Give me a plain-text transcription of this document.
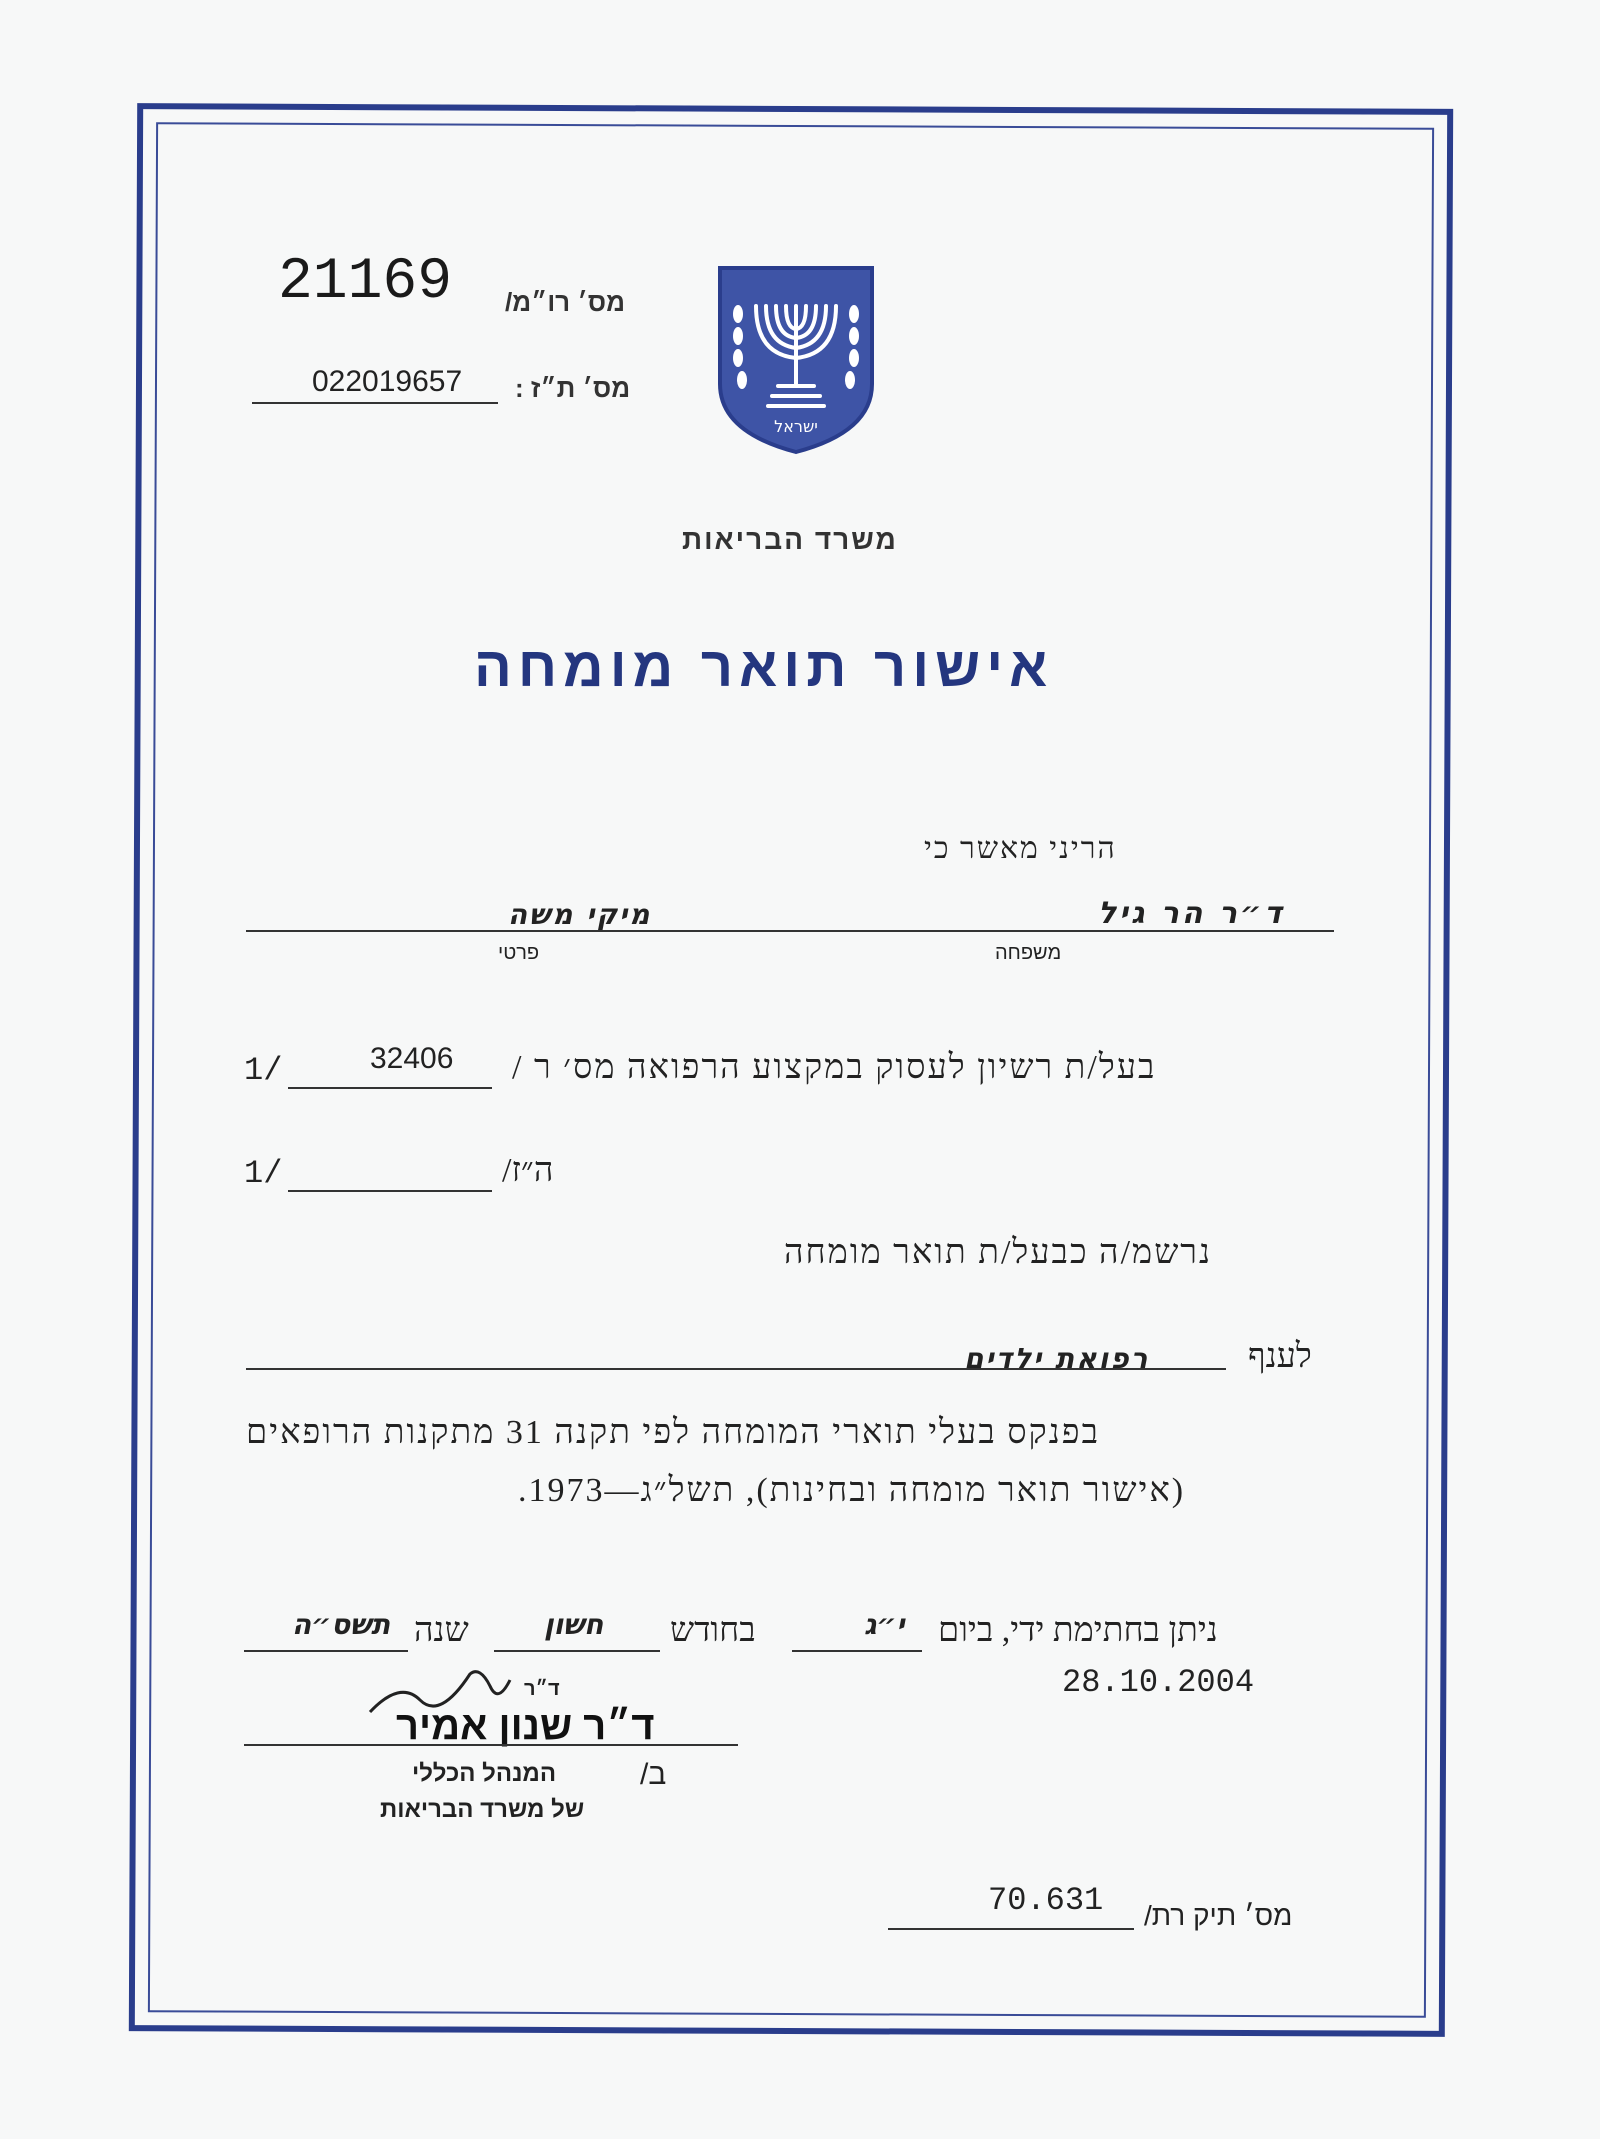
21169 מס׳ רו״מ/
022019657 מס׳ ת״ז :
ישראל
משרד הבריאות
אישור תואר מומחה
הריני מאשר כי
ד״ר הר גיל
מיקי משה
משפחה
פרטי
בעל/ת רשיון לעסוק במקצוע הרפואה מס׳ ר /
32406
1/
ה״ז/
1/
נרשמ/ה כבעל/ת תואר מומחה
לענף
רפואת ילדים
בפנקס בעלי תוארי המומחה לפי תקנה 31 מתקנות הרופאים
(אישור תואר מומחה ובחינות), תשל״ג—1973.
ניתן בחתימת ידי, ביום
י״ג
בחודש
חשון
שנה
תשס״ה
28.10.2004
ד״ר
ד״ר שנון אמיר
ב/
המנהל הכללי
של משרד הבריאות
70.631 מס׳ תיק רת/
